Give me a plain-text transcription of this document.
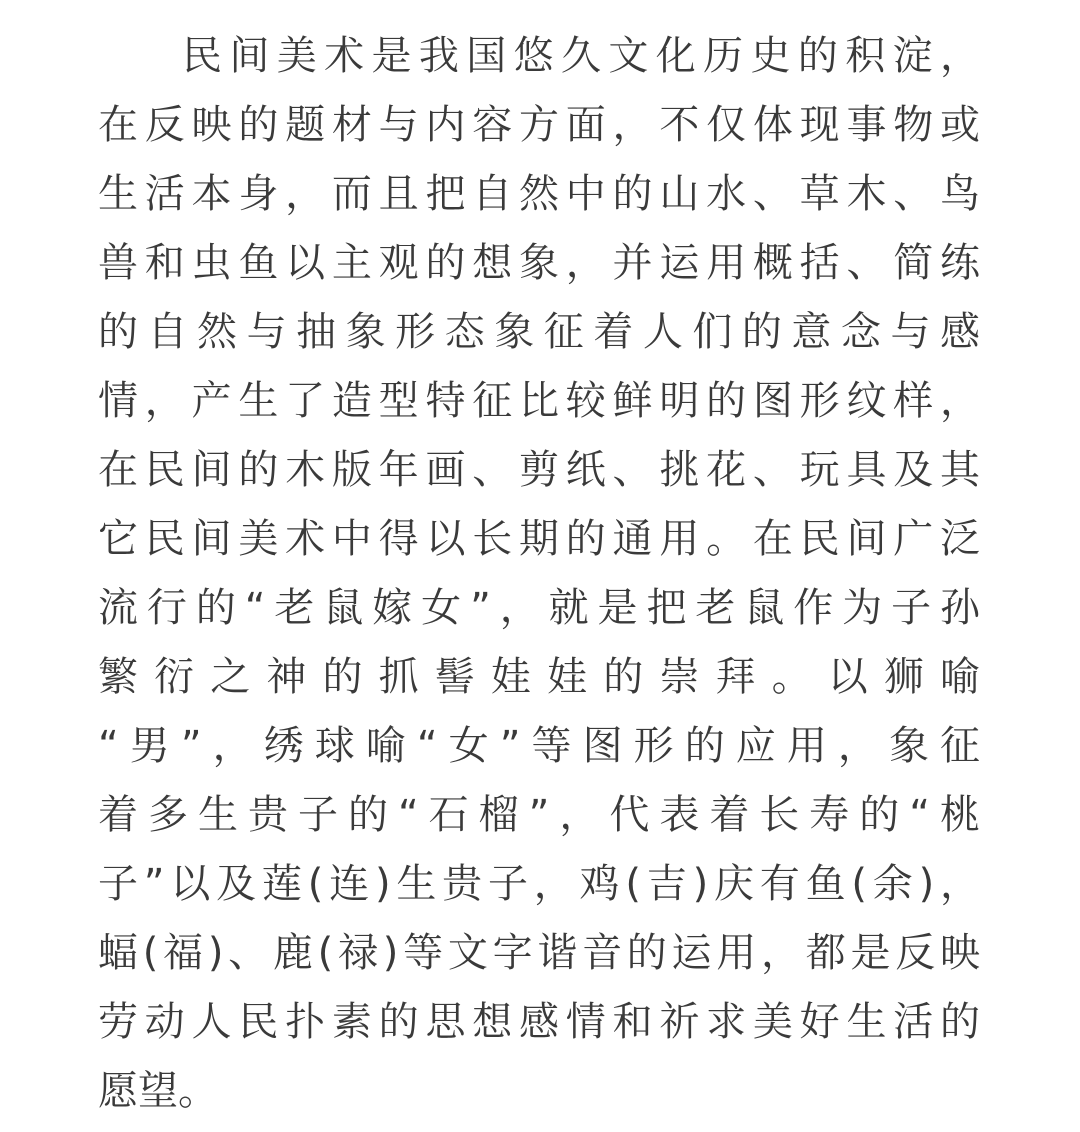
民间美术是我国悠久文化历史的积淀，
在反映的题材与内容方面，不仅体现事物或
生活本身，而且把自然中的山水、草木、鸟
兽和虫鱼以主观的想象，并运用概括、简练
的自然与抽象形态象征着人们的意念与感
情，产生了造型特征比较鲜明的图形纹样，
在民间的木版年画、剪纸、挑花、玩具及其
它民间美术中得以长期的通用。在民间广泛
流行的“老鼠嫁女”，就是把老鼠作为子孙
繁衍之神的抓髻娃娃的崇拜。以狮喻
“男”，绣球喻“女”等图形的应用，象征
着多生贵子的“石榴”，代表着长寿的“桃
子”以及莲(连)生贵子，鸡(吉)庆有鱼(余)，
蝠(福)、鹿(禄)等文字谐音的运用，都是反映
劳动人民扑素的思想感情和祈求美好生活的
愿望。
